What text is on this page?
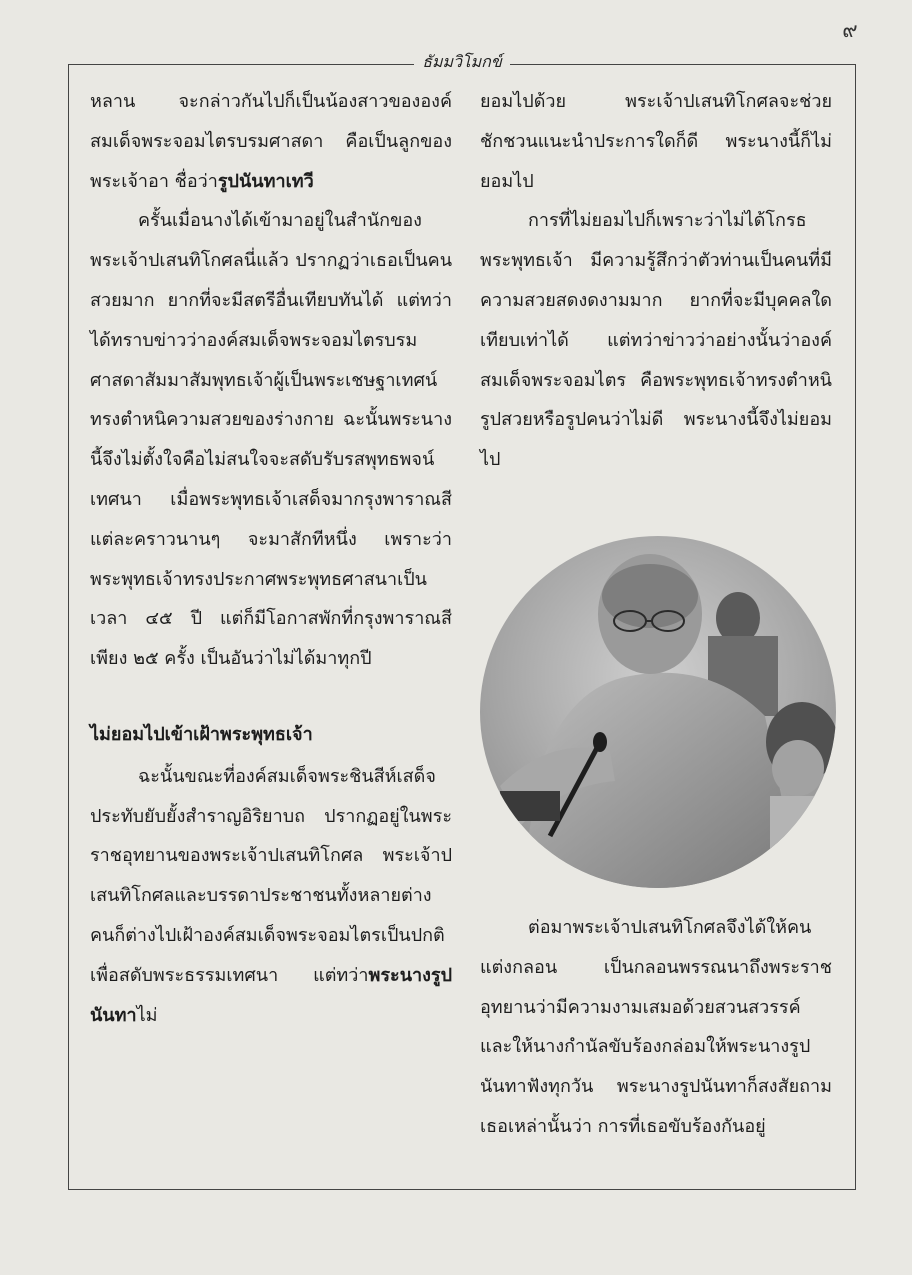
๙
ธัมมวิโมกข์

หลาน จะกล่าวกันไปก็เป็นน้องสาวขององค์สมเด็จพระจอมไตรบรมศาสดา คือเป็นลูกของพระเจ้าอา ชื่อว่ารูปนันทาเทวี

ครั้นเมื่อนางได้เข้ามาอยู่ในสำนักของพระเจ้าปเสนทิโกศลนี่แล้ว ปรากฏว่าเธอเป็นคนสวยมาก ยากที่จะมีสตรีอื่นเทียบทันได้ แต่ทว่าได้ทราบข่าวว่าองค์สมเด็จพระจอมไตรบรมศาสดาสัมมาสัมพุทธเจ้าผู้เป็นพระเชษฐาเทศน์ทรงตำหนิความสวยของร่างกาย ฉะนั้นพระนางนี้จึงไม่ตั้งใจคือไม่สนใจจะสดับรับรสพุทธพจน์เทศนา เมื่อพระพุทธเจ้าเสด็จมากรุงพาราณสีแต่ละคราวนานๆ จะมาสักทีหนึ่ง เพราะว่าพระพุทธเจ้าทรงประกาศพระพุทธศาสนาเป็นเวลา ๔๕ ปี แต่ก็มีโอกาสพักที่กรุงพาราณสีเพียง ๒๕ ครั้ง เป็นอันว่าไม่ได้มาทุกปี

ไม่ยอมไปเข้าเฝ้าพระพุทธเจ้า

ฉะนั้นขณะที่องค์สมเด็จพระชินสีห์เสด็จประทับยับยั้งสำราญอิริยาบถ ปรากฏอยู่ในพระราชอุทยานของพระเจ้าปเสนทิโกศล พระเจ้าปเสนทิโกศลและบรรดาประชาชนทั้งหลายต่างคนก็ต่างไปเฝ้าองค์สมเด็จพระจอมไตรเป็นปกติ เพื่อสดับพระธรรมเทศนา แต่ทว่าพระนางรูปนันทาไม่

ยอมไปด้วย พระเจ้าปเสนทิโกศลจะช่วยชักชวนแนะนำประการใดก็ดี พระนางนี้ก็ไม่ยอมไป

การที่ไม่ยอมไปก็เพราะว่าไม่ได้โกรธพระพุทธเจ้า มีความรู้สึกว่าตัวท่านเป็นคนที่มีความสวยสดงดงามมาก ยากที่จะมีบุคคลใดเทียบเท่าได้ แต่ทว่าข่าวว่าอย่างนั้นว่าองค์สมเด็จพระจอมไตร คือพระพุทธเจ้าทรงตำหนิรูปสวยหรือรูปคนว่าไม่ดี พระนางนี้จึงไม่ยอมไป

ต่อมาพระเจ้าปเสนทิโกศลจึงได้ให้คนแต่งกลอน เป็นกลอนพรรณนาถึงพระราชอุทยานว่ามีความงามเสมอด้วยสวนสวรรค์ และให้นางกำนัลขับร้องกล่อมให้พระนางรูปนันทาฟังทุกวัน พระนางรูปนันทาก็สงสัยถามเธอเหล่านั้นว่า การที่เธอขับร้องกันอยู่
